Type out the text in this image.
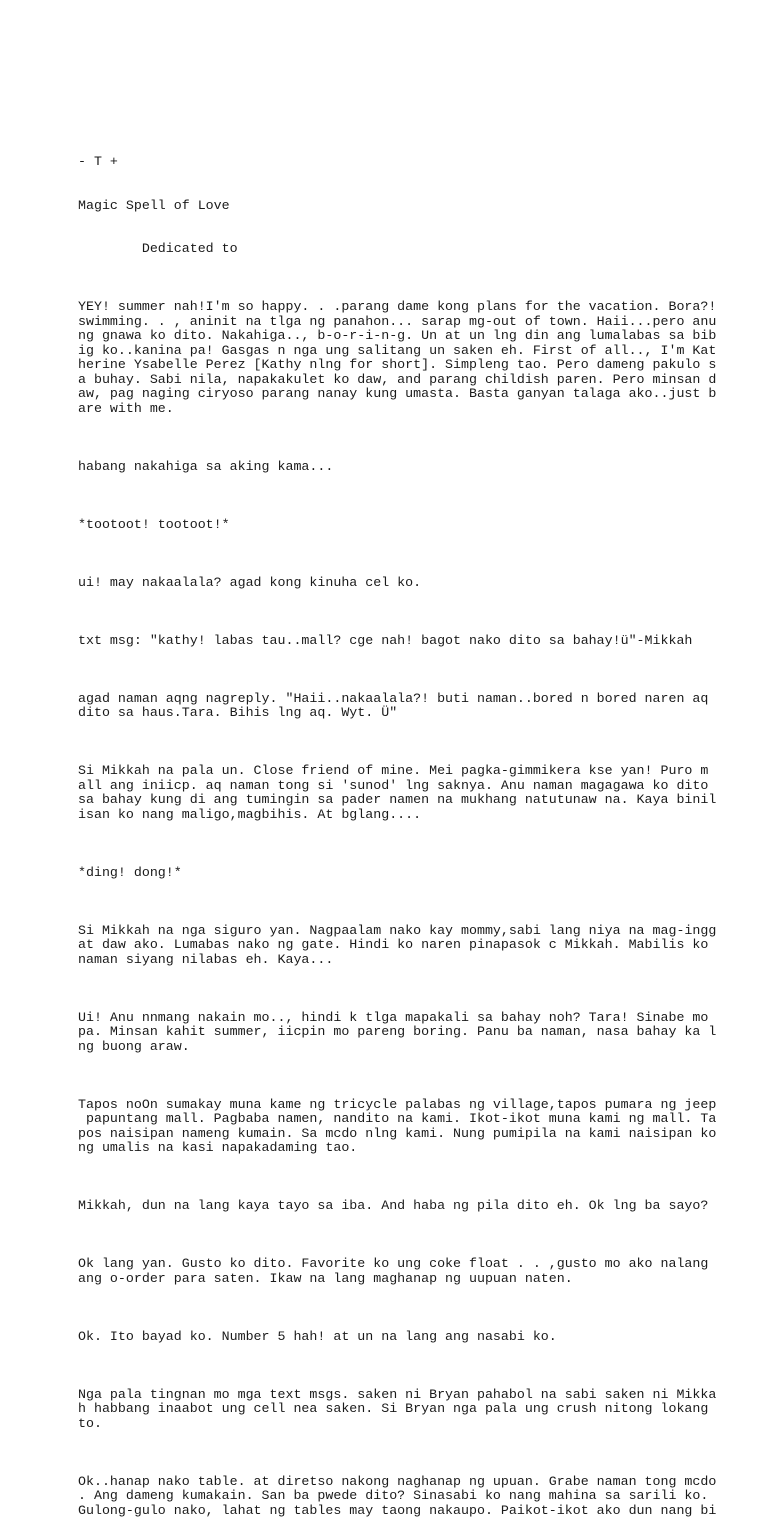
- T +

Magic Spell of Love

Dedicated to

YEY! summer nah!I'm so happy. . .parang dame kong plans for the vacation. Bora?!
swimming. . , aninit na tlga ng panahon... sarap mg-out of town. Haii...pero anu
ng gnawa ko dito. Nakahiga.., b-o-r-i-n-g. Un at un lng din ang lumalabas sa bib
ig ko..kanina pa! Gasgas n nga ung salitang un saken eh. First of all.., I'm Kat
herine Ysabelle Perez [Kathy nlng for short]. Simpleng tao. Pero dameng pakulo s
a buhay. Sabi nila, napakakulet ko daw, and parang childish paren. Pero minsan d
aw, pag naging ciryoso parang nanay kung umasta. Basta ganyan talaga ako..just b
are with me.

habang nakahiga sa aking kama...

*tootoot! tootoot!*

ui! may nakaalala? agad kong kinuha cel ko.

txt msg: "kathy! labas tau..mall? cge nah! bagot nako dito sa bahay!ü"-Mikkah

agad naman aqng nagreply. "Haii..nakaalala?! buti naman..bored n bored naren aq
dito sa haus.Tara. Bihis lng aq. Wyt. Ü"

Si Mikkah na pala un. Close friend of mine. Mei pagka-gimmikera kse yan! Puro m
all ang iniicp. aq naman tong si 'sunod' lng saknya. Anu naman magagawa ko dito
sa bahay kung di ang tumingin sa pader namen na mukhang natutunaw na. Kaya binil
isan ko nang maligo,magbihis. At bglang....

*ding! dong!*

Si Mikkah na nga siguro yan. Nagpaalam nako kay mommy,sabi lang niya na mag-ingg
at daw ako. Lumabas nako ng gate. Hindi ko naren pinapasok c Mikkah. Mabilis ko
naman siyang nilabas eh. Kaya...

Ui! Anu nnmang nakain mo.., hindi k tlga mapakali sa bahay noh? Tara! Sinabe mo
pa. Minsan kahit summer, iicpin mo pareng boring. Panu ba naman, nasa bahay ka l
ng buong araw.

Tapos noOn sumakay muna kame ng tricycle palabas ng village,tapos pumara ng jeep
papuntang mall. Pagbaba namen, nandito na kami. Ikot-ikot muna kami ng mall. Ta
pos naisipan nameng kumain. Sa mcdo nlng kami. Nung pumipila na kami naisipan ko
ng umalis na kasi napakadaming tao.

Mikkah, dun na lang kaya tayo sa iba. And haba ng pila dito eh. Ok lng ba sayo?

Ok lang yan. Gusto ko dito. Favorite ko ung coke float . . ,gusto mo ako nalang
ang o-order para saten. Ikaw na lang maghanap ng uupuan naten.

Ok. Ito bayad ko. Number 5 hah! at un na lang ang nasabi ko.

Nga pala tingnan mo mga text msgs. saken ni Bryan pahabol na sabi saken ni Mikka
h habbang inaabot ung cell nea saken. Si Bryan nga pala ung crush nitong lokang
to.

Ok..hanap nako table. at diretso nakong naghanap ng upuan. Grabe naman tong mcdo
. Ang dameng kumakain. San ba pwede dito? Sinasabi ko nang mahina sa sarili ko.
Gulong-gulo nako, lahat ng tables may taong nakaupo. Paikot-ikot ako dun nang bi
